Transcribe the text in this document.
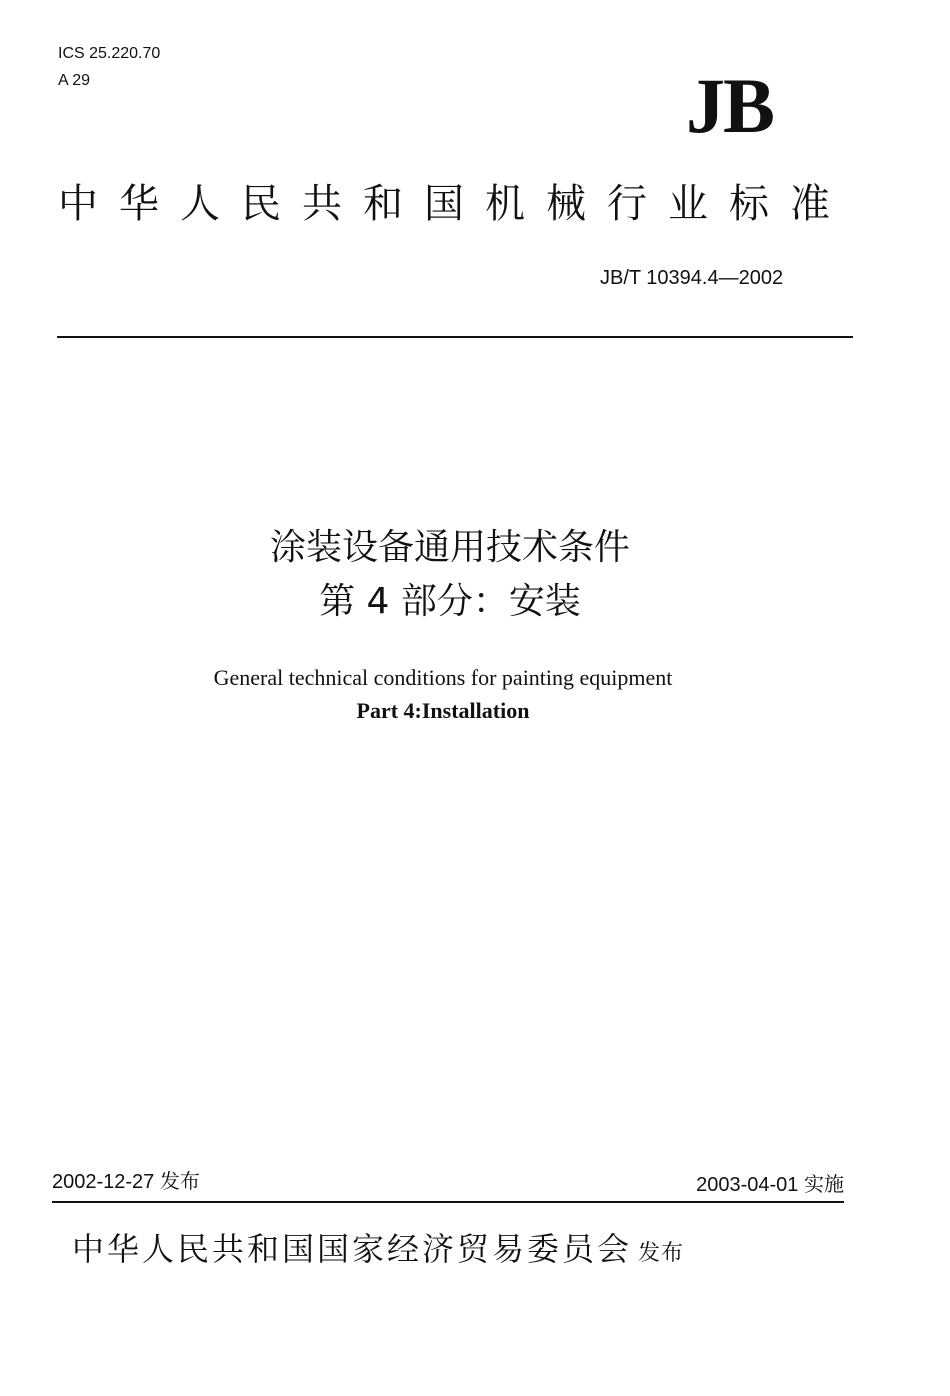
ICS 25.220.70
A 29	JB
中华人民共和国机械行业标准
JB/T 10394.4—2002
涂装设备通用技术条件
第 4 部分：安装
General technical conditions for painting equipment
Part 4:Installation
2002-12-27 发布	2003-04-01 实施
中华人民共和国国家经济贸易委员会 发布
